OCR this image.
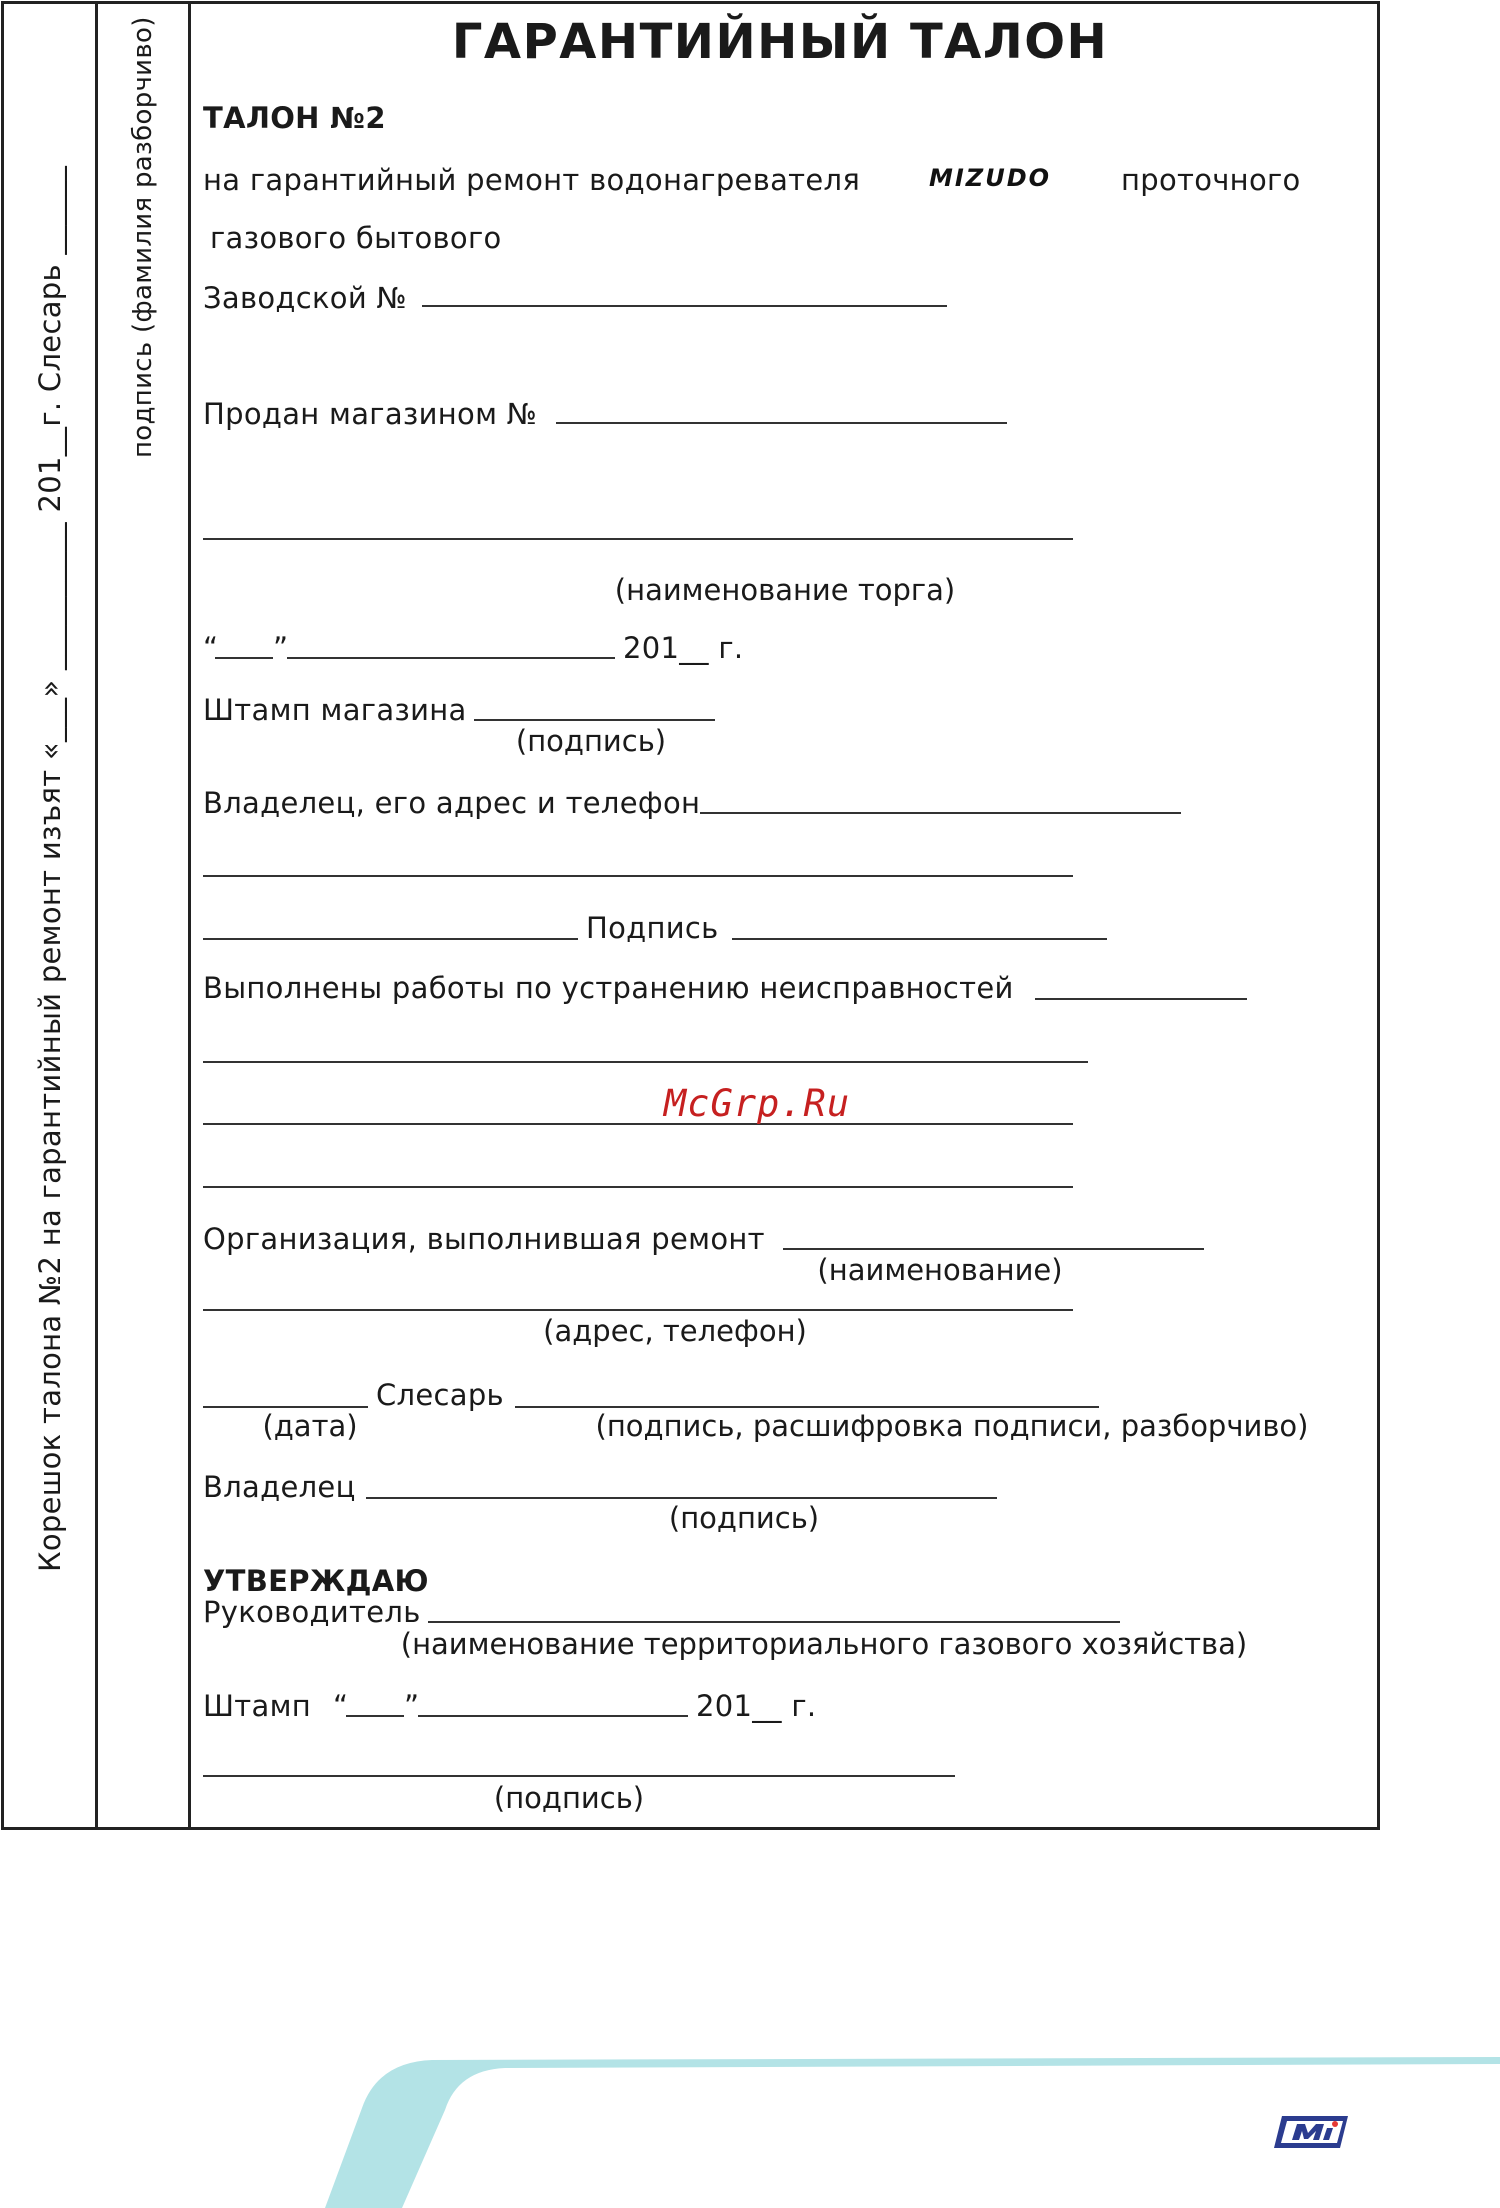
Корешок талона №2 на гарантийный ремонт изъят «___» __________ 201__г. Слесарь ______ подпись (фамилия разборчиво)	ГАРАНТИЙНЫЙ ТАЛОН
ТАЛОН №2
на гарантийный ремонт водонагревателя	MIZUDO проточного
газового бытового
Заводской №
Продан магазином №
(наименование торга)
“ ”	201__ г.
Штамп магазина
(подпись)
Владелец, его адрес и телефон
Подпись
Выполнены работы по устранению неисправностей
McGrp.Ru
Организация, выполнившая ремонт
(наименование)
(адрес, телефон)
Слесарь
(дата)	(подпись, расшифровка подписи, разборчиво)
Владелец
(подпись)
УТВЕРЖДАЮ
Руководитель
(наименование территориального газового хозяйства)
Штамп “ ”	201__ г.
(подпись)
